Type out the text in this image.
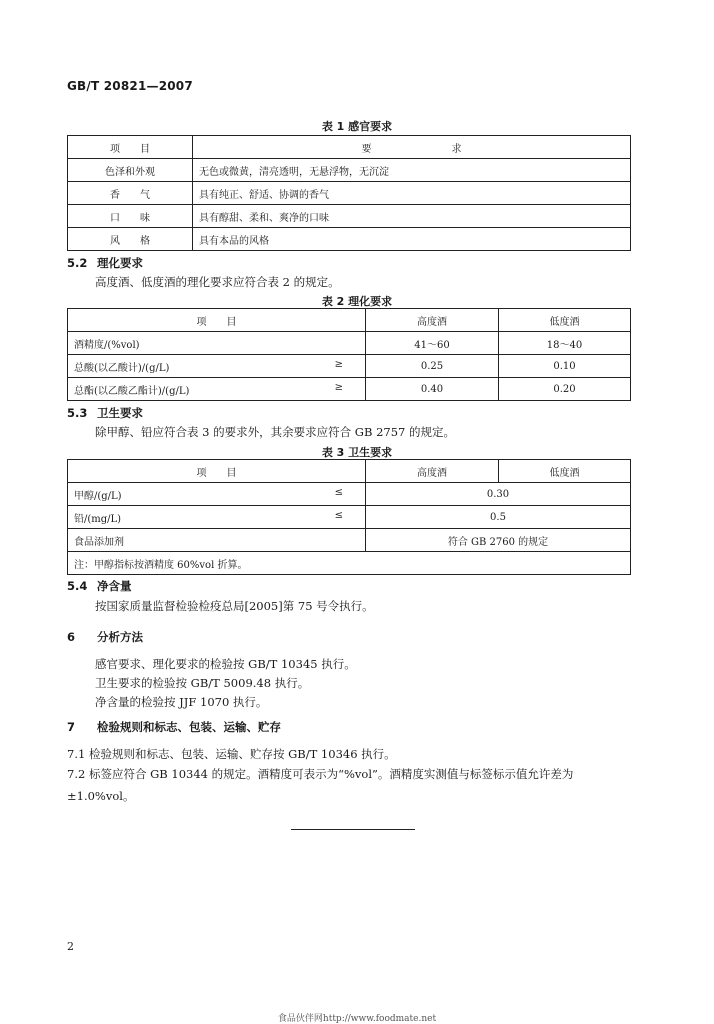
GB/T 20821—2007
表 1 感官要求
项　　目	要　　　　　　　　求
色泽和外观	无色或微黄，清亮透明，无悬浮物，无沉淀
香　　气	具有纯正、舒适、协调的香气
口　　味	具有醇甜、柔和、爽净的口味
风　　格	具有本品的风格
5.2 理化要求
高度酒、低度酒的理化要求应符合表 2 的规定。
表 2 理化要求
项　　目	高度酒	低度酒
酒精度/(%vol)	41～60	18～40
总酸(以乙酸计)/(g/L) ≥	0.25	0.10
总酯(以乙酸乙酯计)/(g/L) ≥	0.40	0.20
5.3 卫生要求
除甲醇、铅应符合表 3 的要求外，其余要求应符合 GB 2757 的规定。
表 3 卫生要求
项　　目	高度酒	低度酒
甲醇/(g/L) ≤	0.30	
铅/(mg/L) ≤	0.5	
食品添加剂	符合 GB 2760 的规定	
注：甲醇指标按酒精度 60%vol 折算。		
5.4 净含量
按国家质量监督检验检疫总局[2005]第 75 号令执行。
6 分析方法
感官要求、理化要求的检验按 GB/T 10345 执行。
卫生要求的检验按 GB/T 5009.48 执行。
净含量的检验按 JJF 1070 执行。
7 检验规则和标志、包装、运输、贮存
7.1 检验规则和标志、包装、运输、贮存按 GB/T 10346 执行。
7.2 标签应符合 GB 10344 的规定。酒精度可表示为“%vol”。酒精度实测值与标签标示值允许差为±1.0%vol。
2
食品伙伴网http://www.foodmate.net
